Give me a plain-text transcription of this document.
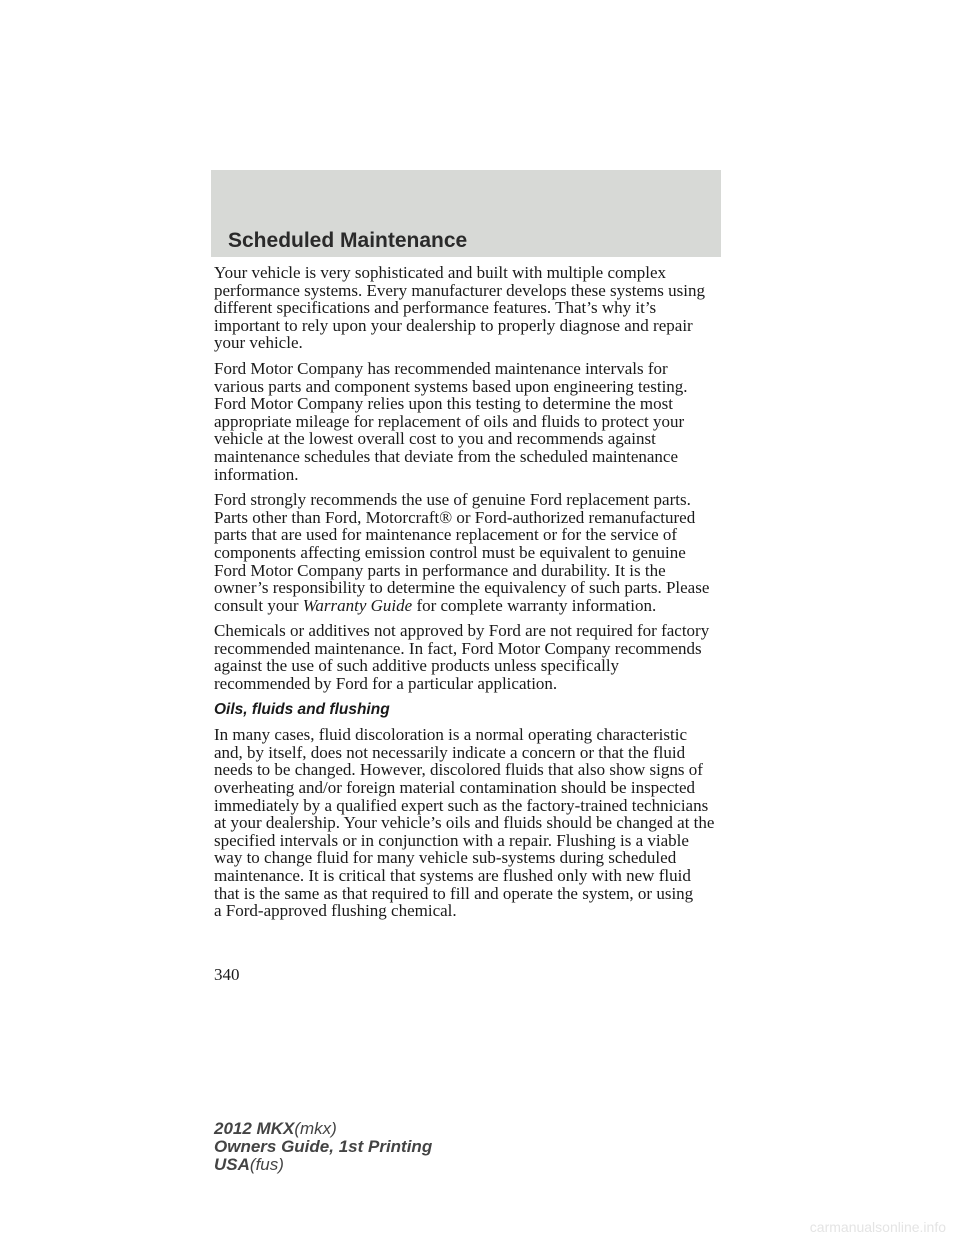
Scheduled Maintenance

Your vehicle is very sophisticated and built with multiple complex
performance systems. Every manufacturer develops these systems using
different specifications and performance features. That’s why it’s
important to rely upon your dealership to properly diagnose and repair
your vehicle.

Ford Motor Company has recommended maintenance intervals for
various parts and component systems based upon engineering testing.
Ford Motor Company relies upon this testing to determine the most
appropriate mileage for replacement of oils and fluids to protect your
vehicle at the lowest overall cost to you and recommends against
maintenance schedules that deviate from the scheduled maintenance
information.

Ford strongly recommends the use of genuine Ford replacement parts.
Parts other than Ford, Motorcraft® or Ford-authorized remanufactured
parts that are used for maintenance replacement or for the service of
components affecting emission control must be equivalent to genuine
Ford Motor Company parts in performance and durability. It is the
owner’s responsibility to determine the equivalency of such parts. Please
consult your Warranty Guide for complete warranty information.

Chemicals or additives not approved by Ford are not required for factory
recommended maintenance. In fact, Ford Motor Company recommends
against the use of such additive products unless specifically
recommended by Ford for a particular application.

Oils, fluids and flushing

In many cases, fluid discoloration is a normal operating characteristic
and, by itself, does not necessarily indicate a concern or that the fluid
needs to be changed. However, discolored fluids that also show signs of
overheating and/or foreign material contamination should be inspected
immediately by a qualified expert such as the factory-trained technicians
at your dealership. Your vehicle’s oils and fluids should be changed at the
specified intervals or in conjunction with a repair. Flushing is a viable
way to change fluid for many vehicle sub-systems during scheduled
maintenance. It is critical that systems are flushed only with new fluid
that is the same as that required to fill and operate the system, or using
a Ford-approved flushing chemical.

340
2012 MKX(mkx)
Owners Guide, 1st Printing
USA(fus)
carmanualsonline.info
